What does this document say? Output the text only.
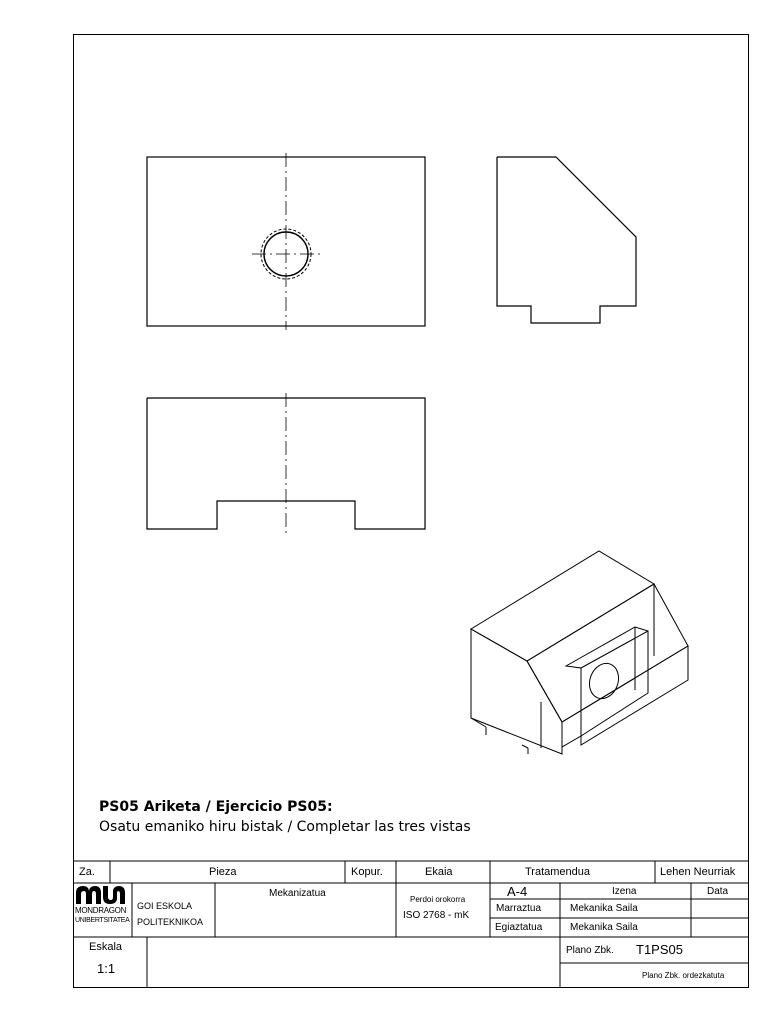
PS05 Ariketa / Ejercicio PS05:
Osatu emaniko hiru bistak / Completar las tres vistas
Za.	Pieza	Kopur.	Ekaia	Tratamendua	Lehen Neurriak
MONDRAGON
UNIBERTSITATEA
GOI ESKOLA
POLITEKNIKOA
Mekanizatua
Perdoi orokorra
ISO 2768 - mK
A-4	Izena	Data
Marraztua	Mekanika Saila
Egiaztatua	Mekanika Saila
Eskala
1:1
Plano Zbk. T1PS05
Plano Zbk. ordezkatuta
